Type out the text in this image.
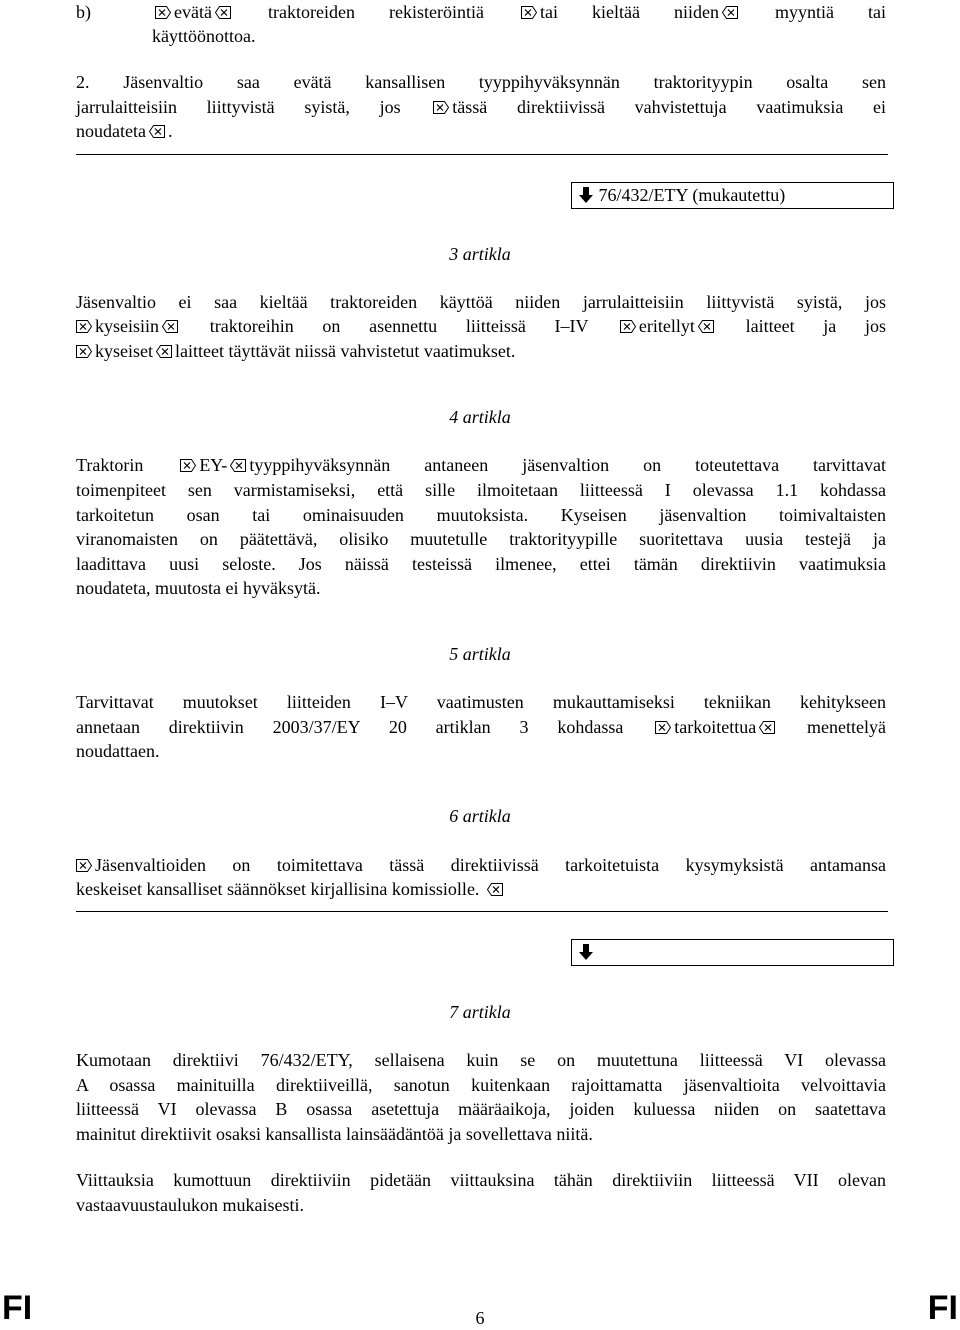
b)	evätä	traktoreiden rekisteröintiä	tai kieltää niiden	myyntiä tai
käyttöönottoa.
2. Jäsenvaltio saa evätä kansallisen tyyppihyväksynnän traktorityypin osalta sen
jarrulaitteisiin liittyvistä syistä, jos	tässä direktiivissä vahvistettuja vaatimuksia ei
noudateta .
76/432/ETY (mukautettu)
3 artikla
Jäsenvaltio ei saa kieltää traktoreiden käyttöä niiden jarrulaitteisiin liittyvistä syistä, jos
kyseisiin	traktoreihin on asennettu liitteissä I–IV	eritellyt	laitteet ja jos
kyseiset laitteet täyttävät niissä vahvistetut vaatimukset.
4 artikla
Traktorin	EY- tyyppihyväksynnän antaneen jäsenvaltion on toteutettava tarvittavat
toimenpiteet sen varmistamiseksi, että sille ilmoitetaan liitteessä I olevassa 1.1 kohdassa
tarkoitetun osan tai ominaisuuden muutoksista. Kyseisen jäsenvaltion toimivaltaisten
viranomaisten on päätettävä, olisiko muutetulle traktorityypille suoritettava uusia testejä ja
laadittava uusi seloste. Jos näissä testeissä ilmenee, ettei tämän direktiivin vaatimuksia
noudateta, muutosta ei hyväksytä.
5 artikla
Tarvittavat muutokset liitteiden I–V vaatimusten mukauttamiseksi tekniikan kehitykseen
annetaan direktiivin 2003/37/EY 20 artiklan 3 kohdassa	tarkoitettua	menettelyä
noudattaen.
6 artikla
Jäsenvaltioiden on toimitettava tässä direktiivissä tarkoitetuista kysymyksistä antamansa
keskeiset kansalliset säännökset kirjallisina komissiolle.
7 artikla
Kumotaan direktiivi 76/432/ETY, sellaisena kuin se on muutettuna liitteessä VI olevassa
A osassa mainituilla direktiiveillä, sanotun kuitenkaan rajoittamatta jäsenvaltioita velvoittavia
liitteessä VI olevassa B osassa asetettuja määräaikoja, joiden kuluessa niiden on saatettava
mainitut direktiivit osaksi kansallista lainsäädäntöä ja sovellettava niitä.
Viittauksia kumottuun direktiiviin pidetään viittauksina tähän direktiiviin liitteessä VII olevan
vastaavuustaulukon mukaisesti.
FI	6	FI
